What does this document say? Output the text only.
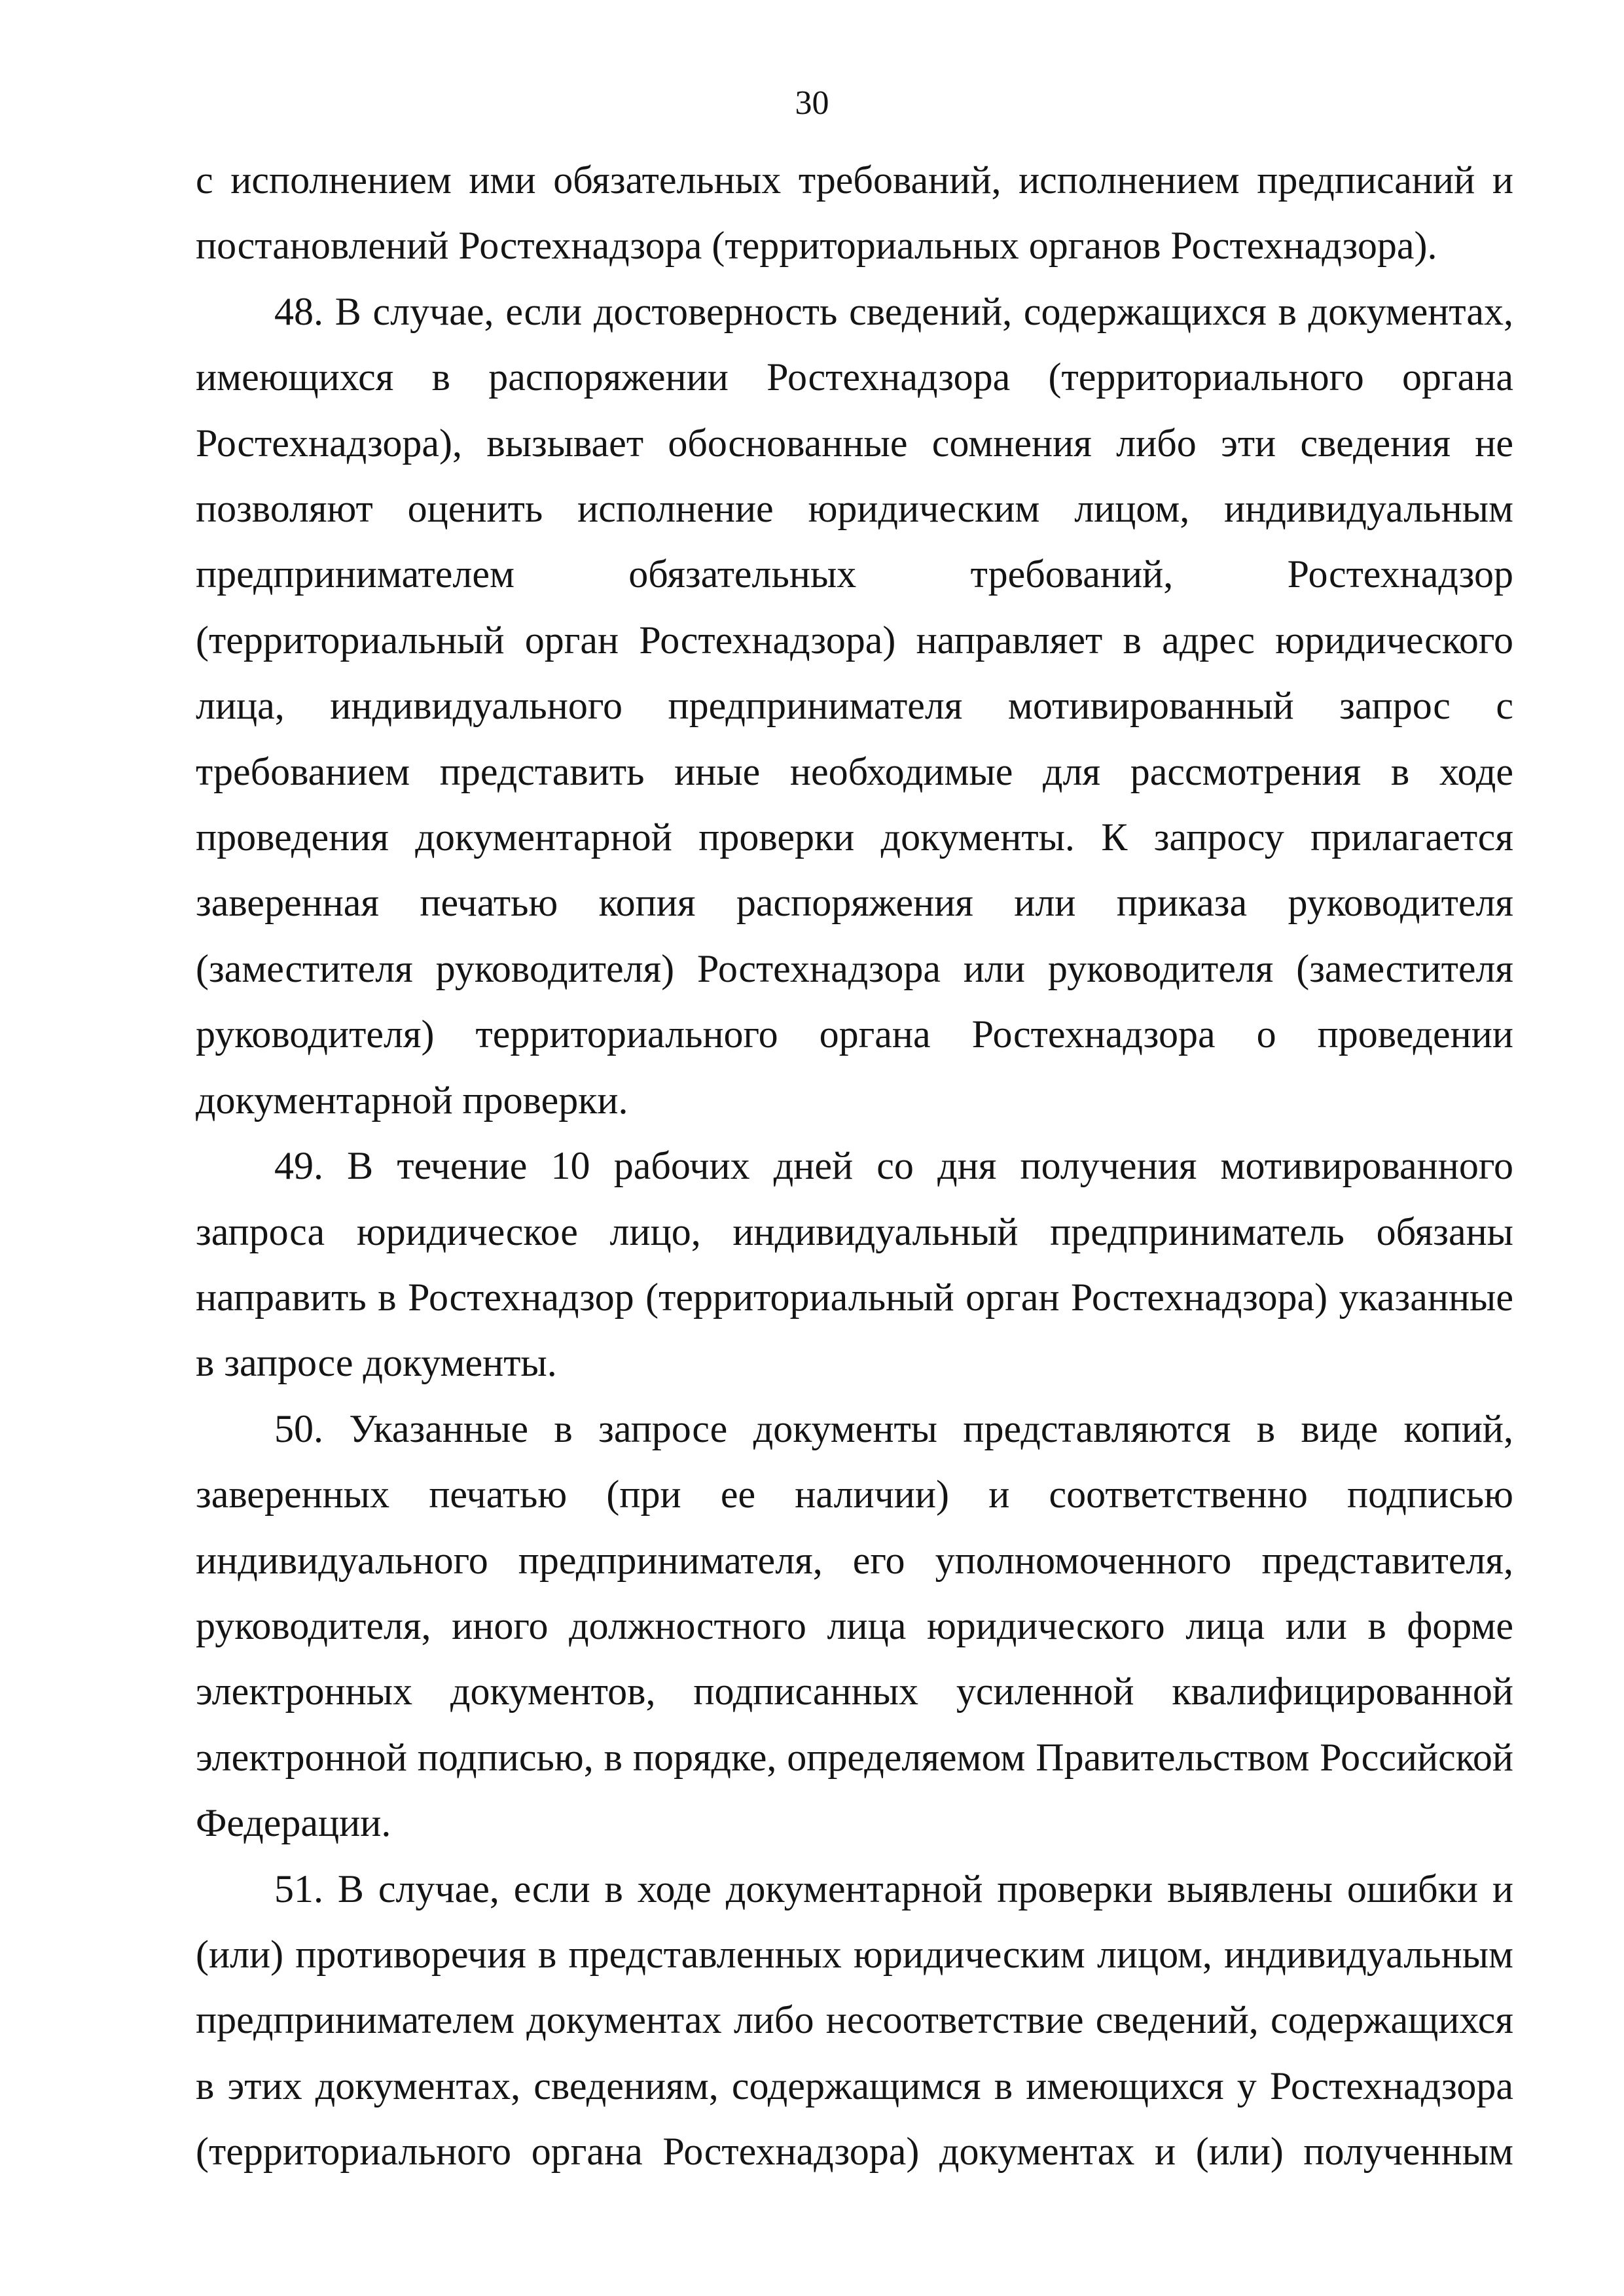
30

с исполнением ими обязательных требований, исполнением предписаний и постановлений Ростехнадзора (территориальных органов Ростехнадзора).

48. В случае, если достоверность сведений, содержащихся в документах, имеющихся в распоряжении Ростехнадзора (территориального органа Ростехнадзора), вызывает обоснованные сомнения либо эти сведения не позволяют оценить исполнение юридическим лицом, индивидуальным предпринимателем обязательных требований, Ростехнадзор (территориальный орган Ростехнадзора) направляет в адрес юридического лица, индивидуального предпринимателя мотивированный запрос с требованием представить иные необходимые для рассмотрения в ходе проведения документарной проверки документы. К запросу прилагается заверенная печатью копия распоряжения или приказа руководителя (заместителя руководителя) Ростехнадзора или руководителя (заместителя руководителя) территориального органа Ростехнадзора о проведении документарной проверки.

49. В течение 10 рабочих дней со дня получения мотивированного запроса юридическое лицо, индивидуальный предприниматель обязаны направить в Ростехнадзор (территориальный орган Ростехнадзора) указанные в запросе документы.

50. Указанные в запросе документы представляются в виде копий, заверенных печатью (при ее наличии) и соответственно подписью индивидуального предпринимателя, его уполномоченного представителя, руководителя, иного должностного лица юридического лица или в форме электронных документов, подписанных усиленной квалифицированной электронной подписью, в порядке, определяемом Правительством Российской Федерации.

51. В случае, если в ходе документарной проверки выявлены ошибки и (или) противоречия в представленных юридическим лицом, индивидуальным предпринимателем документах либо несоответствие сведений, содержащихся в этих документах, сведениям, содержащимся в имеющихся у Ростехнадзора (территориального органа Ростехнадзора) документах и (или) полученным
